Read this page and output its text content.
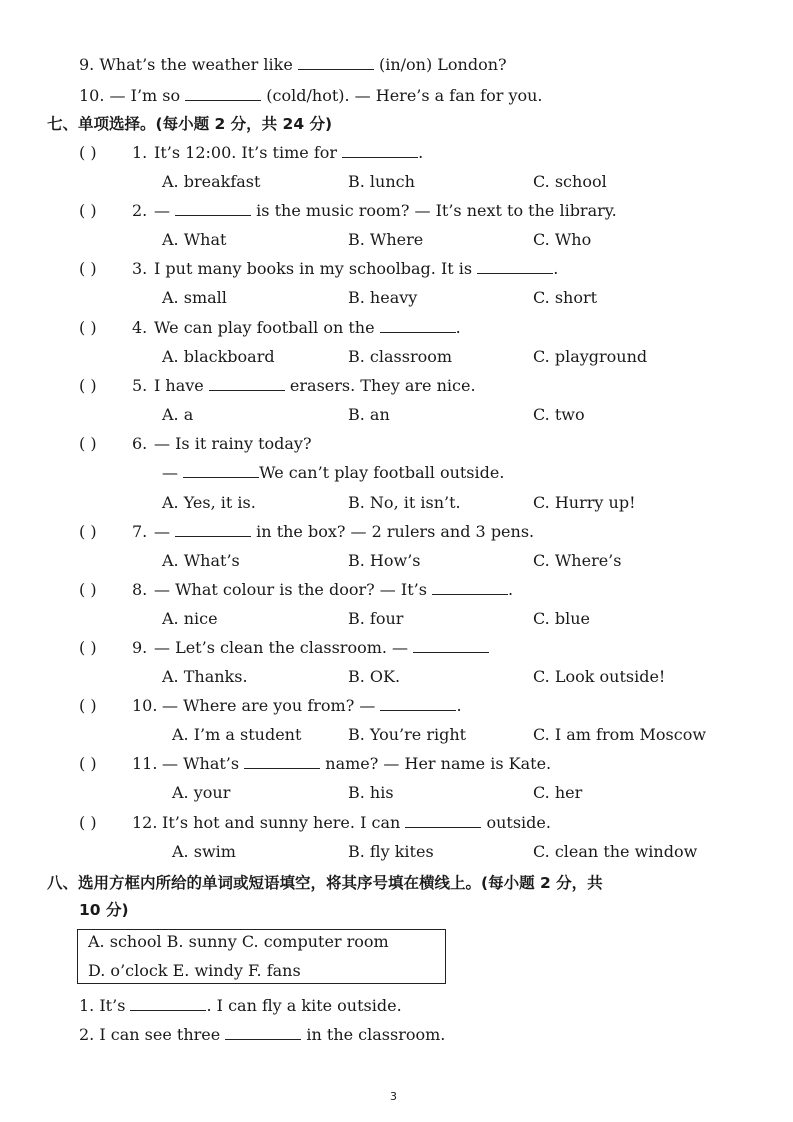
9. What’s the weather like	(in/on) London?
10. — I’m so	(cold/hot). — Here’s a fan for you.
七、单项选择。(每小题 2 分，共 24 分)
( ) 1. It’s 12:00. It’s time for	.
A. breakfast	B. lunch	C. school
( ) 2. —	is the music room? — It’s next to the library.
A. What	B. Where	C. Who
( ) 3. I put many books in my schoolbag. It is	.
A. small	B. heavy	C. short
( ) 4. We can play football on the	.
A. blackboard	B. classroom	C. playground
( ) 5. I have	erasers. They are nice.
A. a	B. an	C. two
( ) 6. — Is it rainy today?
—	We can’t play football outside.
A. Yes, it is.	B. No, it isn’t.	C. Hurry up!
( ) 7. —	in the box? — 2 rulers and 3 pens.
A. What’s	B. How’s	C. Where’s
( ) 8. — What colour is the door? — It’s	.
A. nice	B. four	C. blue
( ) 9. — Let’s clean the classroom. —
A. Thanks.	B. OK.	C. Look outside!
( ) 10. — Where are you from? —	.
A. I’m a student	B. You’re right	C. I am from Moscow
( ) 11. — What’s	name? — Her name is Kate.
A. your	B. his	C. her
( ) 12. It’s hot and sunny here. I can	outside.
A. swim	B. fly kites	C. clean the window
八、选用方框内所给的单词或短语填空，将其序号填在横线上。(每小题 2 分，共
10 分)
A. school B. sunny C. computer room
D. o’clock E. windy F. fans
1. It’s	. I can fly a kite outside.
2. I can see three	in the classroom.
3
